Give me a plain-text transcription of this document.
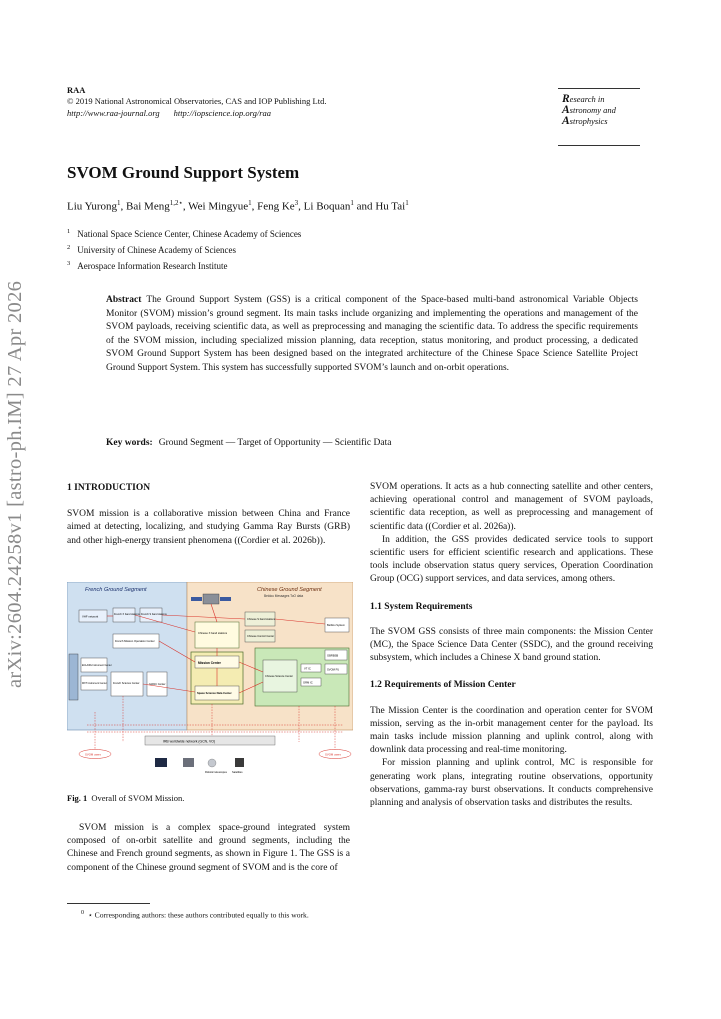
arXiv:2604.24258v1 [astro-ph.IM] 27 Apr 2026
RAA
© 2019 National Astronomical Observatories, CAS and IOP Publishing Ltd.
http://www.raa-journal.org http://iopscience.iop.org/raa
Research in
Astronomy and
Astrophysics
SVOM Ground Support System
Liu Yurong$^1$, Bai Meng$^{1,2⋆}$, Wei Mingyue$^1$, Feng Ke$^3$, Li Boquan$^1$ and Hu Tai$^1$
$^1$ National Space Science Center, Chinese Academy of Sciences
$^2$ University of Chinese Academy of Sciences
$^3$ Aerospace Information Research Institute
Abstract The Ground Support System (GSS) is a critical component of the Space-based multi-band astronomical Variable Objects Monitor (SVOM) mission’s ground segment. Its main tasks include organizing and implementing the operations and management of the SVOM payloads, receiving scientific data, as well as preprocessing and managing the scientific data. To address the specific requirements of the SVOM mission, including specialized mission planning, data reception, status monitoring, and product processing, a dedicated SVOM Ground Support System has been designed based on the integrated architecture of the Chinese Space Science Satellite Project Ground Support System. This system has successfully supported SVOM’s launch and on-orbit operations.
Key words: Ground Segment — Target of Opportunity — Scientific Data
1 INTRODUCTION

SVOM mission is a collaborative mission between China and France aimed at detecting, localizing, and studying Gamma Ray Bursts (GRB) and other high-energy transient phenomena ((Cordier et al. 2026b)).

French Ground Segment	Chinese Ground Segment
Beidou Messages ToO data
VHF network	French X band stations French S band stations
French Mission Operation Center
ECLAIRs Instrument Center
MXT Instrument Center French Science Center	GWAC Center
Chinese X band stations
Chinese S band stations
Chinese Control Center
BeiDou System
Mission Center
Space Science Data Center
Chinese Science Center
VT IC
GRM IC
SVOM FU
GBRBSB
IRB worldwide network (GCN, VO)
SVOM users	SVOM users
Robotic telescopes Satellites
Fig. 1 Overall of SVOM Mission.

SVOM mission is a complex space-ground integrated system composed of on-orbit satellite and ground segments, including the Chinese and French ground segments, as shown in Figure 1. The GSS is a component of the Chinese ground segment of SVOM and is the core of

$^0$ ⋆ Corresponding authors: these authors contributed equally to this work.

SVOM operations. It acts as a hub connecting satellite and other centers, achieving operational control and management of SVOM payloads, scientific data reception, as well as preprocessing and management of scientific data ((Cordier et al. 2026a)).

In addition, the GSS provides dedicated service tools to support scientific users for efficient scientific research and applications. These tools include observation status query services, Operation Coordination Group (OCG) support services, and data services, among others.

1.1 System Requirements

The SVOM GSS consists of three main components: the Mission Center (MC), the Space Science Data Center (SSDC), and the ground receiving subsystem, which includes a Chinese X band ground station.

1.2 Requirements of Mission Center

The Mission Center is the coordination and operation center for SVOM mission, serving as the in-orbit management center for the payload. Its main tasks include mission planning and uplink control, along with downlink data processing and real-time monitoring.

For mission planning and uplink control, MC is responsible for generating work plans, integrating routine observations, opportunity observations, gamma-ray burst observations. It conducts comprehensive planning and analysis of observation tasks and distributes the results.
